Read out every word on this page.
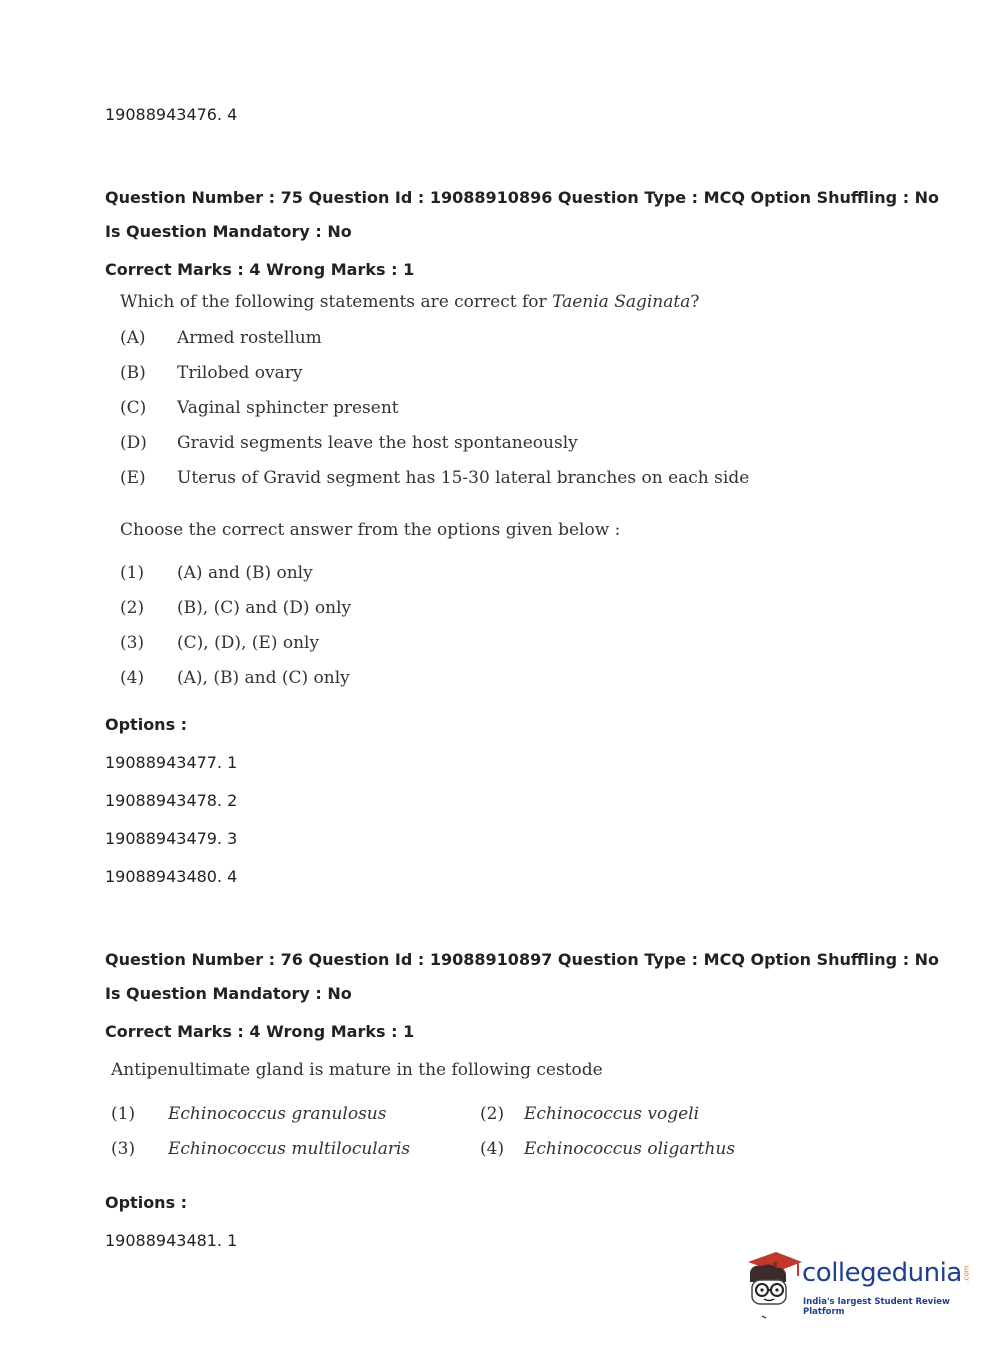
19088943476. 4
Question Number : 75 Question Id : 19088910896 Question Type : MCQ Option Shuffling : No
Is Question Mandatory : No
Correct Marks : 4 Wrong Marks : 1
Which of the following statements are correct for Taenia Saginata?
(A) Armed rostellum
(B) Trilobed ovary
(C) Vaginal sphincter present
(D) Gravid segments leave the host spontaneously
(E) Uterus of Gravid segment has 15-30 lateral branches on each side
Choose the correct answer from the options given below :
(1) (A) and (B) only
(2) (B), (C) and (D) only
(3) (C), (D), (E) only
(4) (A), (B) and (C) only
Options :
19088943477. 1
19088943478. 2
19088943479. 3
19088943480. 4
Question Number : 76 Question Id : 19088910897 Question Type : MCQ Option Shuffling : No
Is Question Mandatory : No
Correct Marks : 4 Wrong Marks : 1
Antipenultimate gland is mature in the following cestode
(1) Echinococcus granulosus	(2) Echinococcus vogeli
(3) Echinococcus multilocularis	(4) Echinococcus oligarthus
Options :
19088943481. 1
collegedunia .com
India's largest Student Review Platform
